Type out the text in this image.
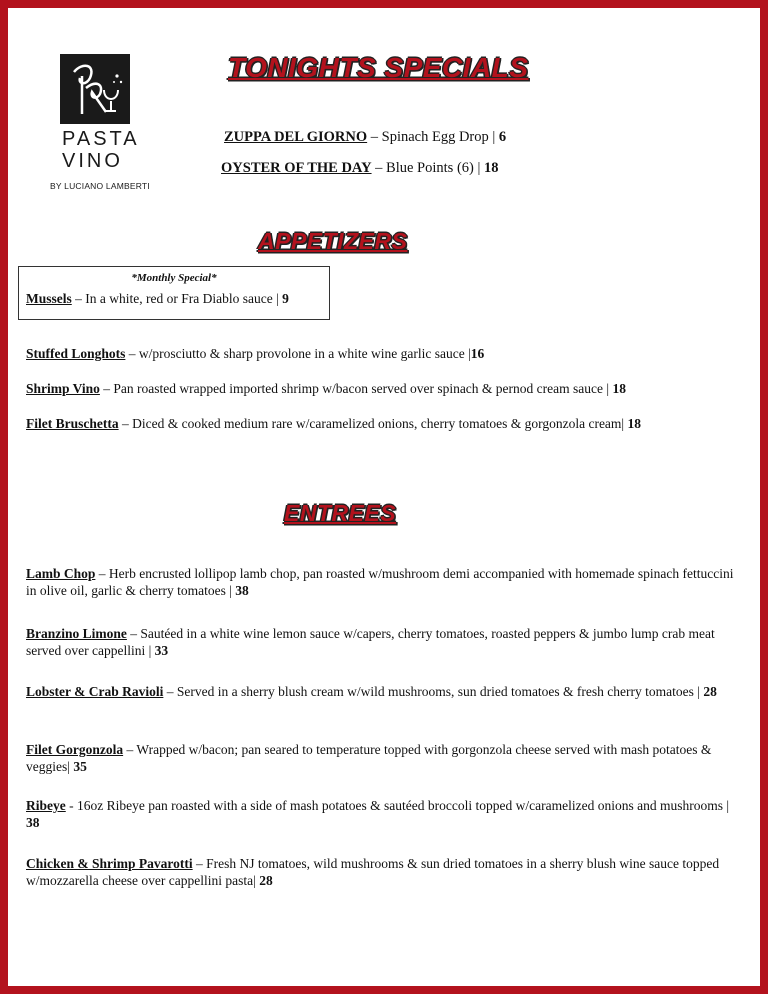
PASTA
VINO
BY LUCIANO LAMBERTI
TONIGHTS SPECIALS
ZUPPA DEL GIORNO – Spinach Egg Drop | 6
OYSTER OF THE DAY – Blue Points (6) | 18
APPETIZERS
*Monthly Special*
Mussels – In a white, red or Fra Diablo sauce | 9
Stuffed Longhots – w/prosciutto & sharp provolone in a white wine garlic sauce |16
Shrimp Vino – Pan roasted wrapped imported shrimp w/bacon served over spinach & pernod cream sauce | 18
Filet Bruschetta – Diced & cooked medium rare w/caramelized onions, cherry tomatoes & gorgonzola cream| 18
ENTREES
Lamb Chop – Herb encrusted lollipop lamb chop, pan roasted w/mushroom demi accompanied with homemade spinach fettuccini in olive oil, garlic & cherry tomatoes | 38
Branzino Limone – Sautéed in a white wine lemon sauce w/capers, cherry tomatoes, roasted peppers & jumbo lump crab meat served over cappellini | 33
Lobster & Crab Ravioli – Served in a sherry blush cream w/wild mushrooms, sun dried tomatoes & fresh cherry tomatoes | 28
Filet Gorgonzola – Wrapped w/bacon; pan seared to temperature topped with gorgonzola cheese served with mash potatoes & veggies| 35
Ribeye - 16oz Ribeye pan roasted with a side of mash potatoes & sautéed broccoli topped w/caramelized onions and mushrooms | 38
Chicken & Shrimp Pavarotti – Fresh NJ tomatoes, wild mushrooms & sun dried tomatoes in a sherry blush wine sauce topped w/mozzarella cheese over cappellini pasta| 28
